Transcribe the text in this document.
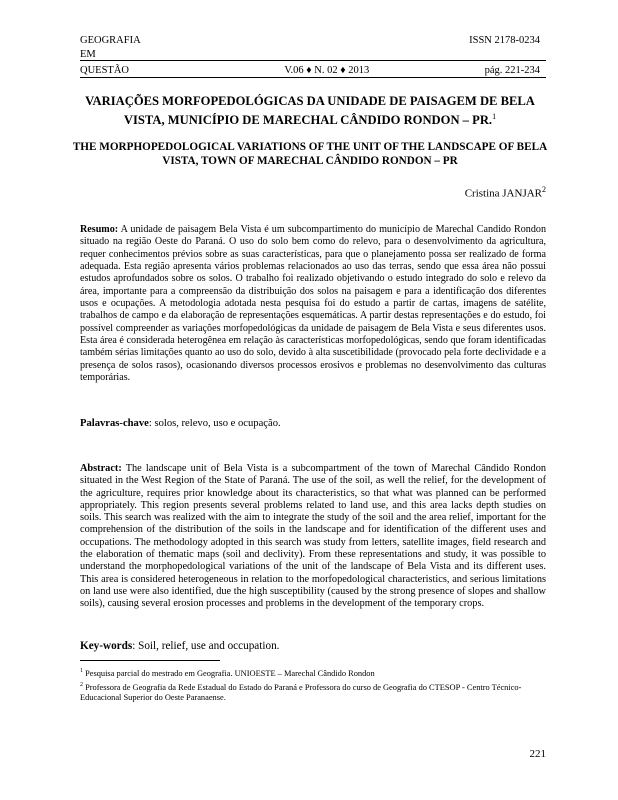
GEOGRAFIA	ISSN 2178-0234
EM
QUESTÃO	V.06 ♦ N. 02 ♦ 2013	pág. 221-234
VARIAÇÕES MORFOPEDOLÓGICAS DA UNIDADE DE PAISAGEM DE BELA VISTA, MUNICÍPIO DE MARECHAL CÂNDIDO RONDON – PR.$^1$
THE MORPHOPEDOLOGICAL VARIATIONS OF THE UNIT OF THE LANDSCAPE OF BELA VISTA, TOWN OF MARECHAL CÂNDIDO RONDON – PR
Cristina JANJAR$^2$

Resumo: A unidade de paisagem Bela Vista é um subcompartimento do município de Marechal Candido Rondon situado na região Oeste do Paraná. O uso do solo bem como do relevo, para o desenvolvimento da agricultura, requer conhecimentos prévios sobre as suas características, para que o planejamento possa ser realizado de forma adequada. Esta região apresenta vários problemas relacionados ao uso das terras, sendo que essa área não possui estudos aprofundados sobre os solos. O trabalho foi realizado objetivando o estudo integrado do solo e relevo da área, importante para a compreensão da distribuição dos solos na paisagem e para a identificação dos diferentes usos e ocupações. A metodologia adotada nesta pesquisa foi do estudo a partir de cartas, imagens de satélite, trabalhos de campo e da elaboração de representações esquemáticas. A partir destas representações e do estudo, foi possível compreender as variações morfopedológicas da unidade de paisagem de Bela Vista e seus diferentes usos. Esta área é considerada heterogênea em relação às características morfopedológicas, sendo que foram identificadas também sérias limitações quanto ao uso do solo, devido à alta suscetibilidade (provocado pela forte declividade e a presença de solos rasos), ocasionando diversos processos erosivos e problemas no desenvolvimento das culturas temporárias.

Palavras-chave: solos, relevo, uso e ocupação.

Abstract: The landscape unit of Bela Vista is a subcompartment of the town of Marechal Cândido Rondon situated in the West Region of the State of Paraná. The use of the soil, as well the relief, for the development of the agriculture, requires prior knowledge about its characteristics, so that what was planned can be performed appropriately. This region presents several problems related to land use, and this area lacks depth studies on soils. This search was realized with the aim to integrate the study of the soil and the area relief, important for the comprehension of the distribution of the soils in the landscape and for identification of the different uses and occupations. The methodology adopted in this search was study from letters, satellite images, field research and the elaboration of thematic maps (soil and declivity). From these representations and study, it was possible to understand the morphopedological variations of the unit of the landscape of Bela Vista and its different uses. This area is considered heterogeneous in relation to the morfopedological characteristics, and serious limitations on land use were also identified, due the high susceptibility (caused by the strong presence of slopes and shallow soils), causing several erosion processes and problems in the development of the temporary crops.

Key-words: Soil, relief, use and occupation.

$^1$ Pesquisa parcial do mestrado em Geografia. UNIOESTE – Marechal Cândido Rondon
$^2$ Professora de Geografia da Rede Estadual do Estado do Paraná e Professora do curso de Geografia do CTESOP - Centro Técnico-Educacional Superior do Oeste Paranaense.
221
